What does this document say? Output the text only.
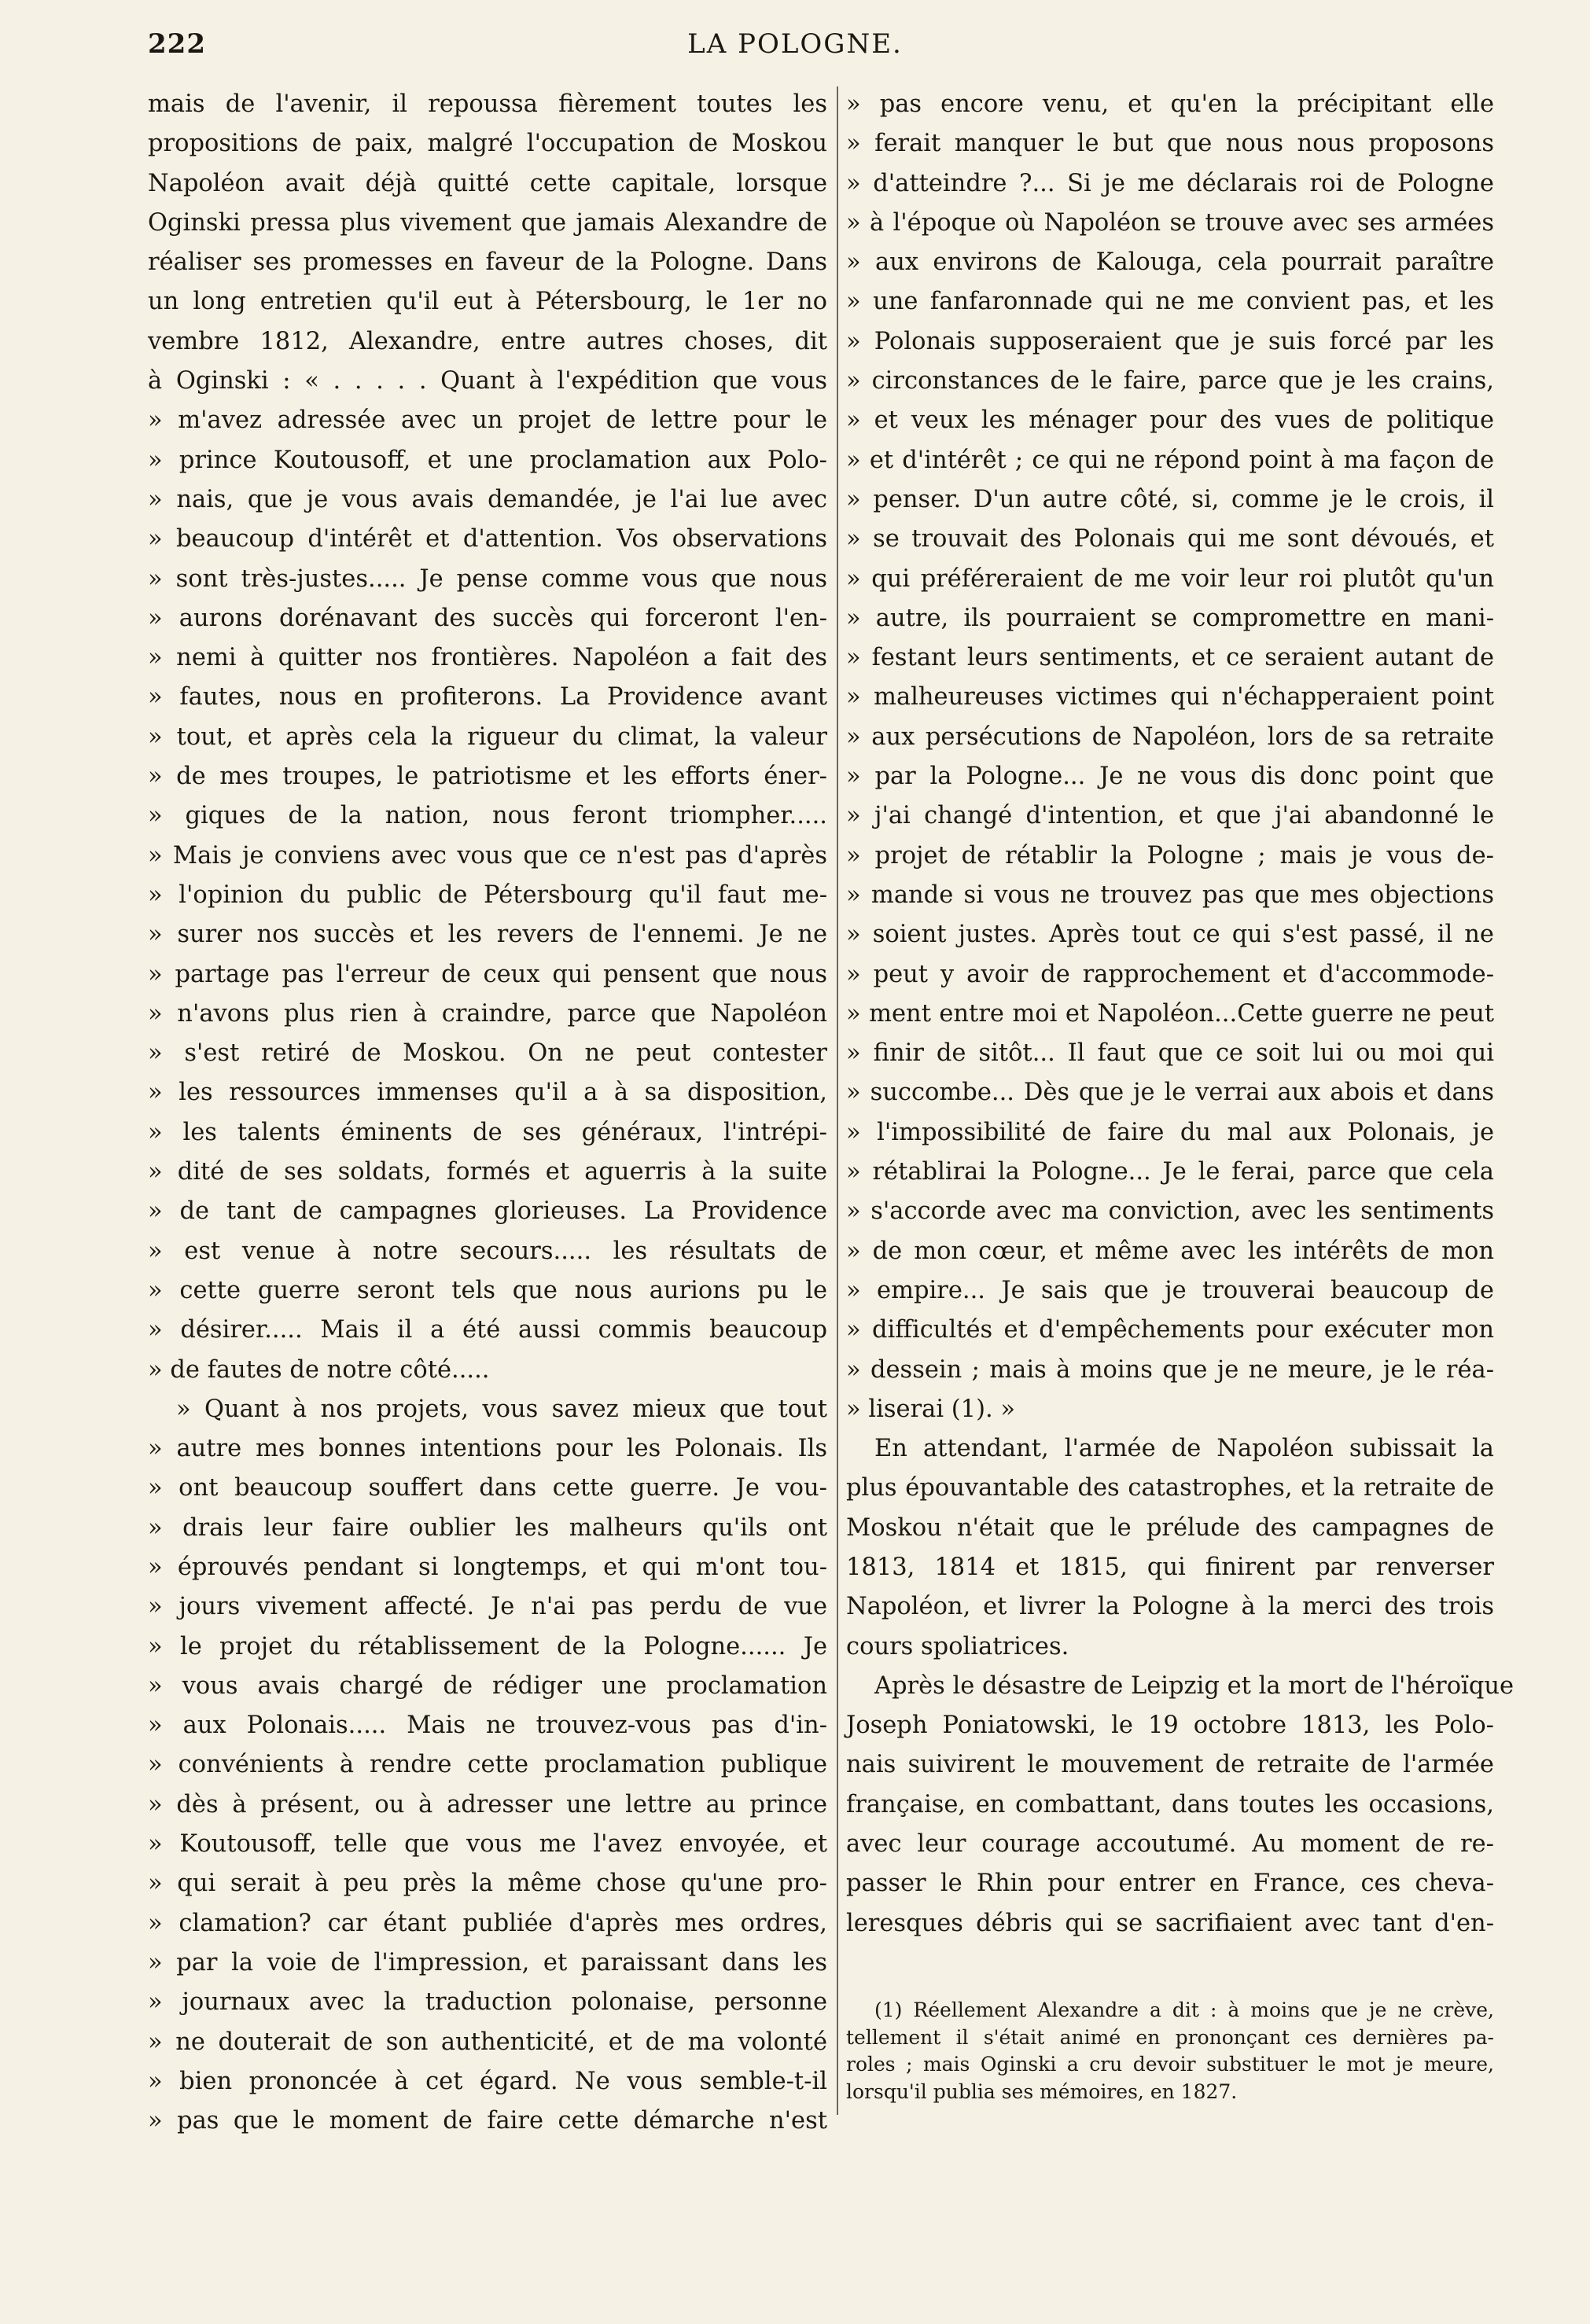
222	LA POLOGNE.
mais de l'avenir, il repoussa fièrement toutes les
propositions de paix, malgré l'occupation de Moskou
Napoléon avait déjà quitté cette capitale, lorsque
Oginski pressa plus vivement que jamais Alexandre de
réaliser ses promesses en faveur de la Pologne. Dans
un long entretien qu'il eut à Pétersbourg, le 1er no
vembre 1812, Alexandre, entre autres choses, dit
à Oginski : « . . . . . Quant à l'expédition que vous
» m'avez adressée avec un projet de lettre pour le
» prince Koutousoff, et une proclamation aux Polo-
» nais, que je vous avais demandée, je l'ai lue avec
» beaucoup d'intérêt et d'attention. Vos observations
» sont très-justes..... Je pense comme vous que nous
» aurons dorénavant des succès qui forceront l'en-
» nemi à quitter nos frontières. Napoléon a fait des
» fautes, nous en profiterons. La Providence avant
» tout, et après cela la rigueur du climat, la valeur
» de mes troupes, le patriotisme et les efforts éner-
» giques de la nation, nous feront triompher.....
» Mais je conviens avec vous que ce n'est pas d'après
» l'opinion du public de Pétersbourg qu'il faut me-
» surer nos succès et les revers de l'ennemi. Je ne
» partage pas l'erreur de ceux qui pensent que nous
» n'avons plus rien à craindre, parce que Napoléon
» s'est retiré de Moskou. On ne peut contester
» les ressources immenses qu'il a à sa disposition,
» les talents éminents de ses généraux, l'intrépi-
» dité de ses soldats, formés et aguerris à la suite
» de tant de campagnes glorieuses. La Providence
» est venue à notre secours..... les résultats de
» cette guerre seront tels que nous aurions pu le
» désirer..... Mais il a été aussi commis beaucoup
» de fautes de notre côté.....
» Quant à nos projets, vous savez mieux que tout
» autre mes bonnes intentions pour les Polonais. Ils
» ont beaucoup souffert dans cette guerre. Je vou-
» drais leur faire oublier les malheurs qu'ils ont
» éprouvés pendant si longtemps, et qui m'ont tou-
» jours vivement affecté. Je n'ai pas perdu de vue
» le projet du rétablissement de la Pologne...... Je
» vous avais chargé de rédiger une proclamation
» aux Polonais..... Mais ne trouvez-vous pas d'in-
» convénients à rendre cette proclamation publique
» dès à présent, ou à adresser une lettre au prince
» Koutousoff, telle que vous me l'avez envoyée, et
» qui serait à peu près la même chose qu'une pro-
» clamation? car étant publiée d'après mes ordres,
» par la voie de l'impression, et paraissant dans les
» journaux avec la traduction polonaise, personne
» ne douterait de son authenticité, et de ma volonté
» bien prononcée à cet égard. Ne vous semble-t-il
» pas que le moment de faire cette démarche n'est
» pas encore venu, et qu'en la précipitant elle
» ferait manquer le but que nous nous proposons
» d'atteindre ?... Si je me déclarais roi de Pologne
» à l'époque où Napoléon se trouve avec ses armées
» aux environs de Kalouga, cela pourrait paraître
» une fanfaronnade qui ne me convient pas, et les
» Polonais supposeraient que je suis forcé par les
» circonstances de le faire, parce que je les crains,
» et veux les ménager pour des vues de politique
» et d'intérêt ; ce qui ne répond point à ma façon de
» penser. D'un autre côté, si, comme je le crois, il
» se trouvait des Polonais qui me sont dévoués, et
» qui préféreraient de me voir leur roi plutôt qu'un
» autre, ils pourraient se compromettre en mani-
» festant leurs sentiments, et ce seraient autant de
» malheureuses victimes qui n'échapperaient point
» aux persécutions de Napoléon, lors de sa retraite
» par la Pologne... Je ne vous dis donc point que
» j'ai changé d'intention, et que j'ai abandonné le
» projet de rétablir la Pologne ; mais je vous de-
» mande si vous ne trouvez pas que mes objections
» soient justes. Après tout ce qui s'est passé, il ne
» peut y avoir de rapprochement et d'accommode-
» ment entre moi et Napoléon...Cette guerre ne peut
» finir de sitôt... Il faut que ce soit lui ou moi qui
» succombe... Dès que je le verrai aux abois et dans
» l'impossibilité de faire du mal aux Polonais, je
» rétablirai la Pologne... Je le ferai, parce que cela
» s'accorde avec ma conviction, avec les sentiments
» de mon cœur, et même avec les intérêts de mon
» empire... Je sais que je trouverai beaucoup de
» difficultés et d'empêchements pour exécuter mon
» dessein ; mais à moins que je ne meure, je le réa-
» liserai (1). »
En attendant, l'armée de Napoléon subissait la
plus épouvantable des catastrophes, et la retraite de
Moskou n'était que le prélude des campagnes de
1813, 1814 et 1815, qui finirent par renverser
Napoléon, et livrer la Pologne à la merci des trois
cours spoliatrices.
Après le désastre de Leipzig et la mort de l'héroïque
Joseph Poniatowski, le 19 octobre 1813, les Polo-
nais suivirent le mouvement de retraite de l'armée
française, en combattant, dans toutes les occasions,
avec leur courage accoutumé. Au moment de re-
passer le Rhin pour entrer en France, ces cheva-
leresques débris qui se sacrifiaient avec tant d'en-
(1) Réellement Alexandre a dit : à moins que je ne crève,
tellement il s'était animé en prononçant ces dernières pa-
roles ; mais Oginski a cru devoir substituer le mot je meure,
lorsqu'il publia ses mémoires, en 1827.
